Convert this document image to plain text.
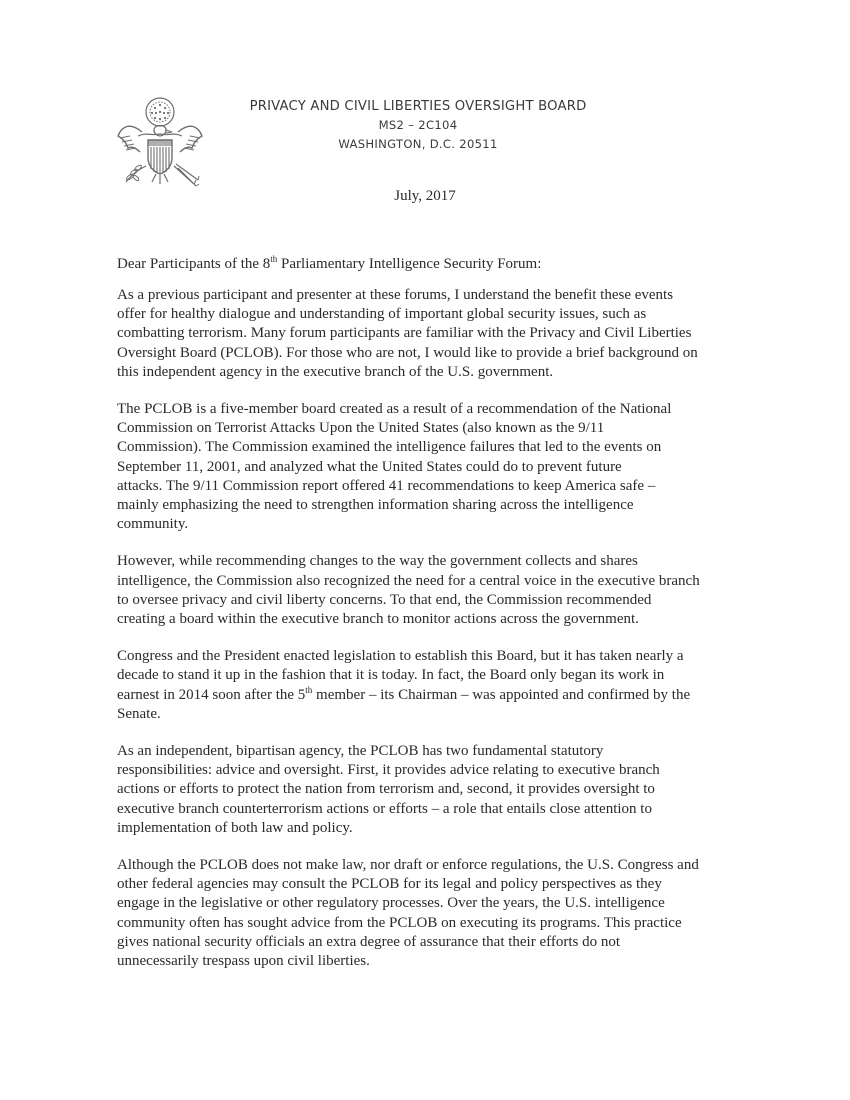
PRIVACY AND CIVIL LIBERTIES OVERSIGHT BOARD
MS2 – 2C104
WASHINGTON, D.C. 20511
July, 2017
Dear Participants of the 8th Parliamentary Intelligence Security Forum:
As a previous participant and presenter at these forums, I understand the benefit these events
offer for healthy dialogue and understanding of important global security issues, such as
combatting terrorism. Many forum participants are familiar with the Privacy and Civil Liberties
Oversight Board (PCLOB). For those who are not, I would like to provide a brief background on
this independent agency in the executive branch of the U.S. government.
The PCLOB is a five-member board created as a result of a recommendation of the National
Commission on Terrorist Attacks Upon the United States (also known as the 9/11
Commission). The Commission examined the intelligence failures that led to the events on
September 11, 2001, and analyzed what the United States could do to prevent future
attacks. The 9/11 Commission report offered 41 recommendations to keep America safe –
mainly emphasizing the need to strengthen information sharing across the intelligence
community.
However, while recommending changes to the way the government collects and shares
intelligence, the Commission also recognized the need for a central voice in the executive branch
to oversee privacy and civil liberty concerns. To that end, the Commission recommended
creating a board within the executive branch to monitor actions across the government.
Congress and the President enacted legislation to establish this Board, but it has taken nearly a
decade to stand it up in the fashion that it is today. In fact, the Board only began its work in
earnest in 2014 soon after the 5th member – its Chairman – was appointed and confirmed by the
Senate.
As an independent, bipartisan agency, the PCLOB has two fundamental statutory
responsibilities: advice and oversight. First, it provides advice relating to executive branch
actions or efforts to protect the nation from terrorism and, second, it provides oversight to
executive branch counterterrorism actions or efforts – a role that entails close attention to
implementation of both law and policy.
Although the PCLOB does not make law, nor draft or enforce regulations, the U.S. Congress and
other federal agencies may consult the PCLOB for its legal and policy perspectives as they
engage in the legislative or other regulatory processes. Over the years, the U.S. intelligence
community often has sought advice from the PCLOB on executing its programs. This practice
gives national security officials an extra degree of assurance that their efforts do not
unnecessarily trespass upon civil liberties.
